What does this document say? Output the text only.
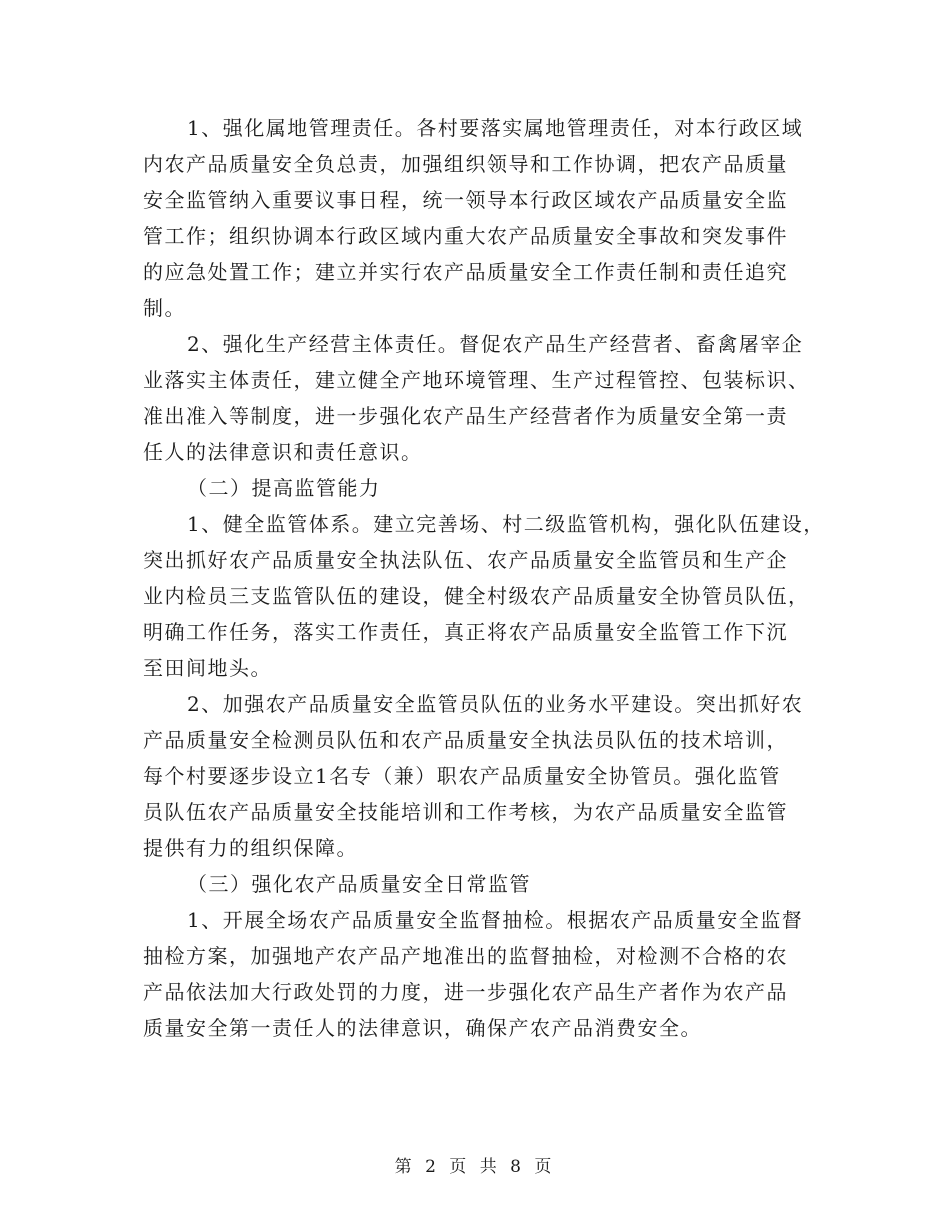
1、强化属地管理责任。各村要落实属地管理责任，对本行政区域
内农产品质量安全负总责，加强组织领导和工作协调，把农产品质量
安全监管纳入重要议事日程，统一领导本行政区域农产品质量安全监
管工作；组织协调本行政区域内重大农产品质量安全事故和突发事件
的应急处置工作；建立并实行农产品质量安全工作责任制和责任追究
制。
2、强化生产经营主体责任。督促农产品生产经营者、畜禽屠宰企
业落实主体责任，建立健全产地环境管理、生产过程管控、包装标识、
准出准入等制度，进一步强化农产品生产经营者作为质量安全第一责
任人的法律意识和责任意识。
（二）提高监管能力
1、健全监管体系。建立完善场、村二级监管机构，强化队伍建设，
突出抓好农产品质量安全执法队伍、农产品质量安全监管员和生产企
业内检员三支监管队伍的建设，健全村级农产品质量安全协管员队伍，
明确工作任务，落实工作责任，真正将农产品质量安全监管工作下沉
至田间地头。
2、加强农产品质量安全监管员队伍的业务水平建设。突出抓好农
产品质量安全检测员队伍和农产品质量安全执法员队伍的技术培训，
每个村要逐步设立1名专（兼）职农产品质量安全协管员。强化监管
员队伍农产品质量安全技能培训和工作考核，为农产品质量安全监管
提供有力的组织保障。
（三）强化农产品质量安全日常监管
1、开展全场农产品质量安全监督抽检。根据农产品质量安全监督
抽检方案，加强地产农产品产地准出的监督抽检，对检测不合格的农
产品依法加大行政处罚的力度，进一步强化农产品生产者作为农产品
质量安全第一责任人的法律意识，确保产农产品消费安全。
第 2 页 共 8 页
